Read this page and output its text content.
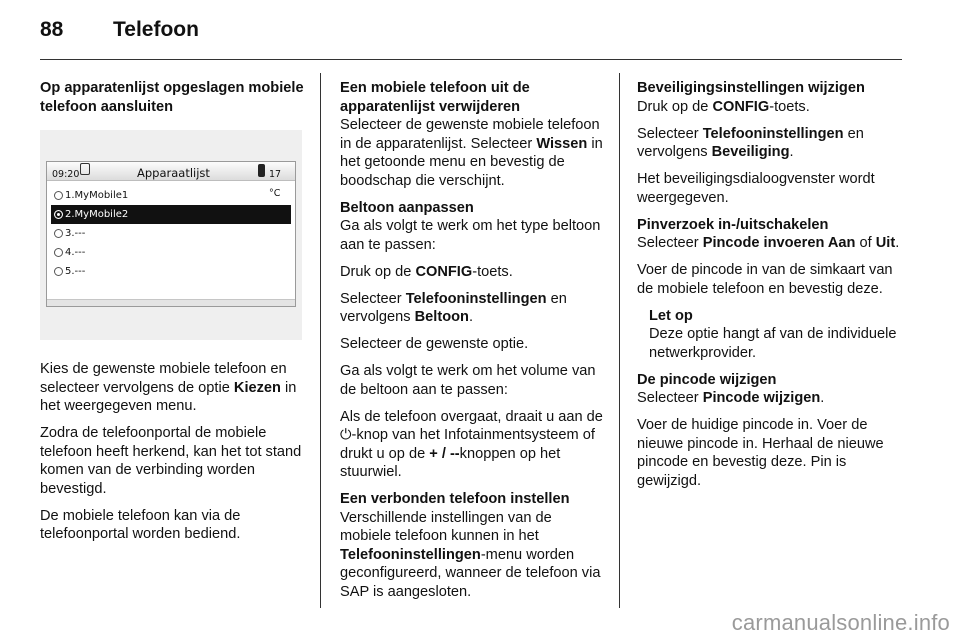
88 Telefoon
Op apparatenlijst opgeslagen mobiele telefoon aansluiten
09:20	Apparaatlijst	17 °C
1.MyMobile1
2.MyMobile2
3.---
4.---
5.---

Kies de gewenste mobiele telefoon en selecteer vervolgens de optie Kiezen in het weergegeven menu.

Zodra de telefoonportal de mobiele telefoon heeft herkend, kan het tot stand komen van de verbinding worden bevestigd.

De mobiele telefoon kan via de telefoonportal worden bediend.

Een mobiele telefoon uit de apparatenlijst verwijderen

Selecteer de gewenste mobiele telefoon in de apparatenlijst. Selecteer Wissen in het getoonde menu en bevestig de boodschap die verschijnt.

Beltoon aanpassen

Ga als volgt te werk om het type beltoon aan te passen:

Druk op de CONFIG-toets.

Selecteer Telefooninstellingen en vervolgens Beltoon.

Selecteer de gewenste optie.

Ga als volgt te werk om het volume van de beltoon aan te passen:

Als de telefoon overgaat, draait u aan de ⏻-knop van het Infotainmentsysteem of drukt u op de + / --knoppen op het stuurwiel.

Een verbonden telefoon instellen

Verschillende instellingen van de mobiele telefoon kunnen in het Telefooninstellingen-menu worden geconfigureerd, wanneer de telefoon via SAP is aangesloten.

Beveiligingsinstellingen wijzigen

Druk op de CONFIG-toets.

Selecteer Telefooninstellingen en vervolgens Beveiliging.

Het beveiligingsdialoogvenster wordt weergegeven.

Pinverzoek in-/uitschakelen

Selecteer Pincode invoeren Aan of Uit.

Voer de pincode in van de simkaart van de mobiele telefoon en bevestig deze.

Let op

Deze optie hangt af van de individuele netwerkprovider.

De pincode wijzigen

Selecteer Pincode wijzigen.

Voer de huidige pincode in. Voer de nieuwe pincode in. Herhaal de nieuwe pincode en bevestig deze. Pin is gewijzigd.

carmanualsonline.info
